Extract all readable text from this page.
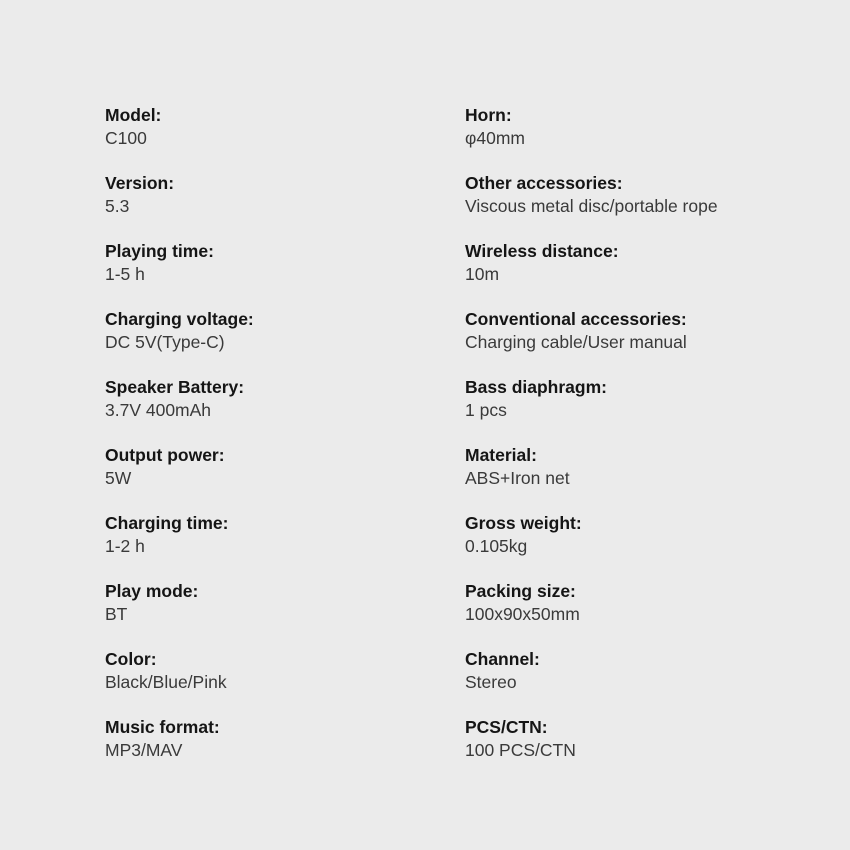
Model:
C100
Version:
5.3
Playing time:
1-5 h
Charging voltage:
DC 5V(Type-C)
Speaker Battery:
3.7V 400mAh
Output power:
5W
Charging time:
1-2 h
Play mode:
BT
Color:
Black/Blue/Pink
Music format:
MP3/MAV
Horn:
φ40mm
Other accessories:
Viscous metal disc/portable rope
Wireless distance:
10m
Conventional accessories:
Charging cable/User manual
Bass diaphragm:
1 pcs
Material:
ABS+Iron net
Gross weight:
0.105kg
Packing size:
100x90x50mm
Channel:
Stereo
PCS/CTN:
100 PCS/CTN
